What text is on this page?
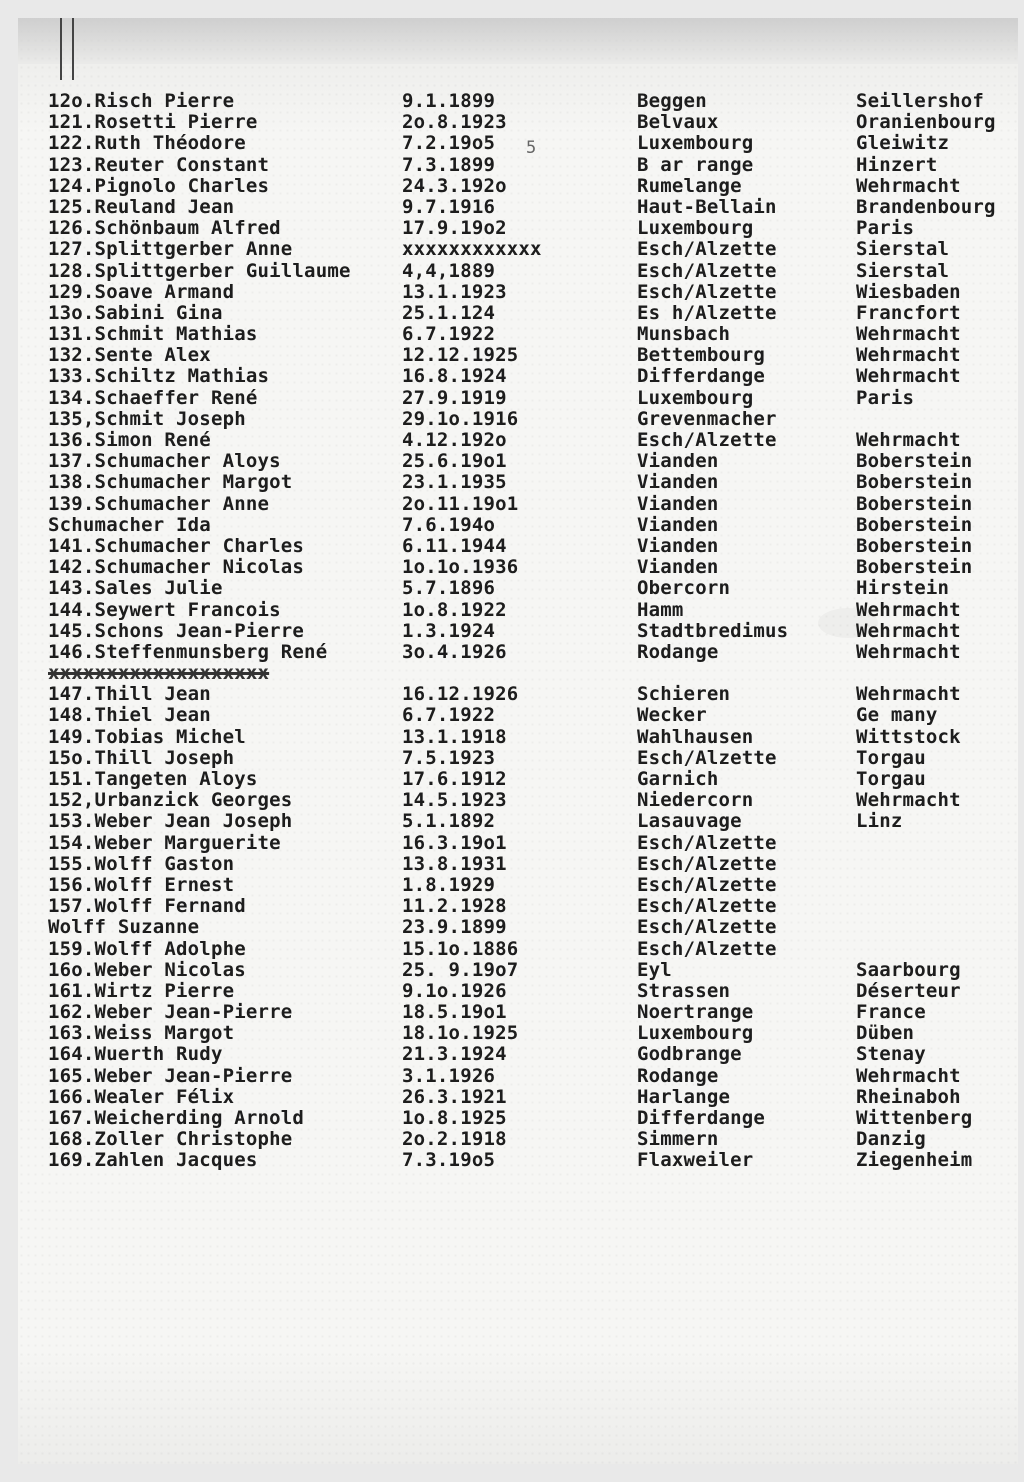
5
12o.Risch Pierre	9.1.1899	Beggen	Seillershof
121.Rosetti Pierre	2o.8.1923	Belvaux	Oranienbourg
122.Ruth Théodore	7.2.19o5	Luxembourg	Gleiwitz
123.Reuter Constant	7.3.1899	B ar range	Hinzert
124.Pignolo Charles	24.3.192o	Rumelange	Wehrmacht
125.Reuland Jean	9.7.1916	Haut-Bellain	Brandenbourg
126.Schönbaum Alfred	17.9.19o2	Luxembourg	Paris
127.Splittgerber Anne	xxxxxxxxxxxx	Esch/Alzette	Sierstal
128.Splittgerber Guillaume	4,4,1889	Esch/Alzette	Sierstal
129.Soave Armand	13.1.1923	Esch/Alzette	Wiesbaden
13o.Sabini Gina	25.1.124	Es h/Alzette	Francfort
131.Schmit Mathias	6.7.1922	Munsbach	Wehrmacht
132.Sente Alex	12.12.1925	Bettembourg	Wehrmacht
133.Schiltz Mathias	16.8.1924	Differdange	Wehrmacht
134.Schaeffer René	27.9.1919	Luxembourg	Paris
135,Schmit Joseph	29.1o.1916	Grevenmacher
136.Simon René	4.12.192o	Esch/Alzette	Wehrmacht
137.Schumacher Aloys	25.6.19o1	Vianden	Boberstein
138.Schumacher Margot	23.1.1935	Vianden	Boberstein
139.Schumacher Anne	2o.11.19o1	Vianden	Boberstein
Schumacher Ida	7.6.194o	Vianden	Boberstein
141.Schumacher Charles	6.11.1944	Vianden	Boberstein
142.Schumacher Nicolas	1o.1o.1936	Vianden	Boberstein
143.Sales Julie	5.7.1896	Obercorn	Hirstein
144.Seywert Francois	1o.8.1922	Hamm	Wehrmacht
145.Schons Jean-Pierre	1.3.1924	Stadtbredimus	Wehrmacht
146.Steffenmunsberg René	3o.4.1926	Rodange	Wehrmacht
xxxxxxxxxxxxxxxxxxx
147.Thill Jean	16.12.1926	Schieren	Wehrmacht
148.Thiel Jean	6.7.1922	Wecker	Ge many
149.Tobias Michel	13.1.1918	Wahlhausen	Wittstock
15o.Thill Joseph	7.5.1923	Esch/Alzette	Torgau
151.Tangeten Aloys	17.6.1912	Garnich	Torgau
152,Urbanzick Georges	14.5.1923	Niedercorn	Wehrmacht
153.Weber Jean Joseph	5.1.1892	Lasauvage	Linz
154.Weber Marguerite	16.3.19o1	Esch/Alzette
155.Wolff Gaston	13.8.1931	Esch/Alzette
156.Wolff Ernest	1.8.1929	Esch/Alzette
157.Wolff Fernand	11.2.1928	Esch/Alzette
Wolff Suzanne	23.9.1899	Esch/Alzette
159.Wolff Adolphe	15.1o.1886	Esch/Alzette
16o.Weber Nicolas	25. 9.19o7	Eyl	Saarbourg
161.Wirtz Pierre	9.1o.1926	Strassen	Déserteur
162.Weber Jean-Pierre	18.5.19o1	Noertrange	France
163.Weiss Margot	18.1o.1925	Luxembourg	Düben
164.Wuerth Rudy	21.3.1924	Godbrange	Stenay
165.Weber Jean-Pierre	3.1.1926	Rodange	Wehrmacht
166.Wealer Félix	26.3.1921	Harlange	Rheinaboh
167.Weicherding Arnold	1o.8.1925	Differdange	Wittenberg
168.Zoller Christophe	2o.2.1918	Simmern	Danzig
169.Zahlen Jacques	7.3.19o5	Flaxweiler	Ziegenheim
